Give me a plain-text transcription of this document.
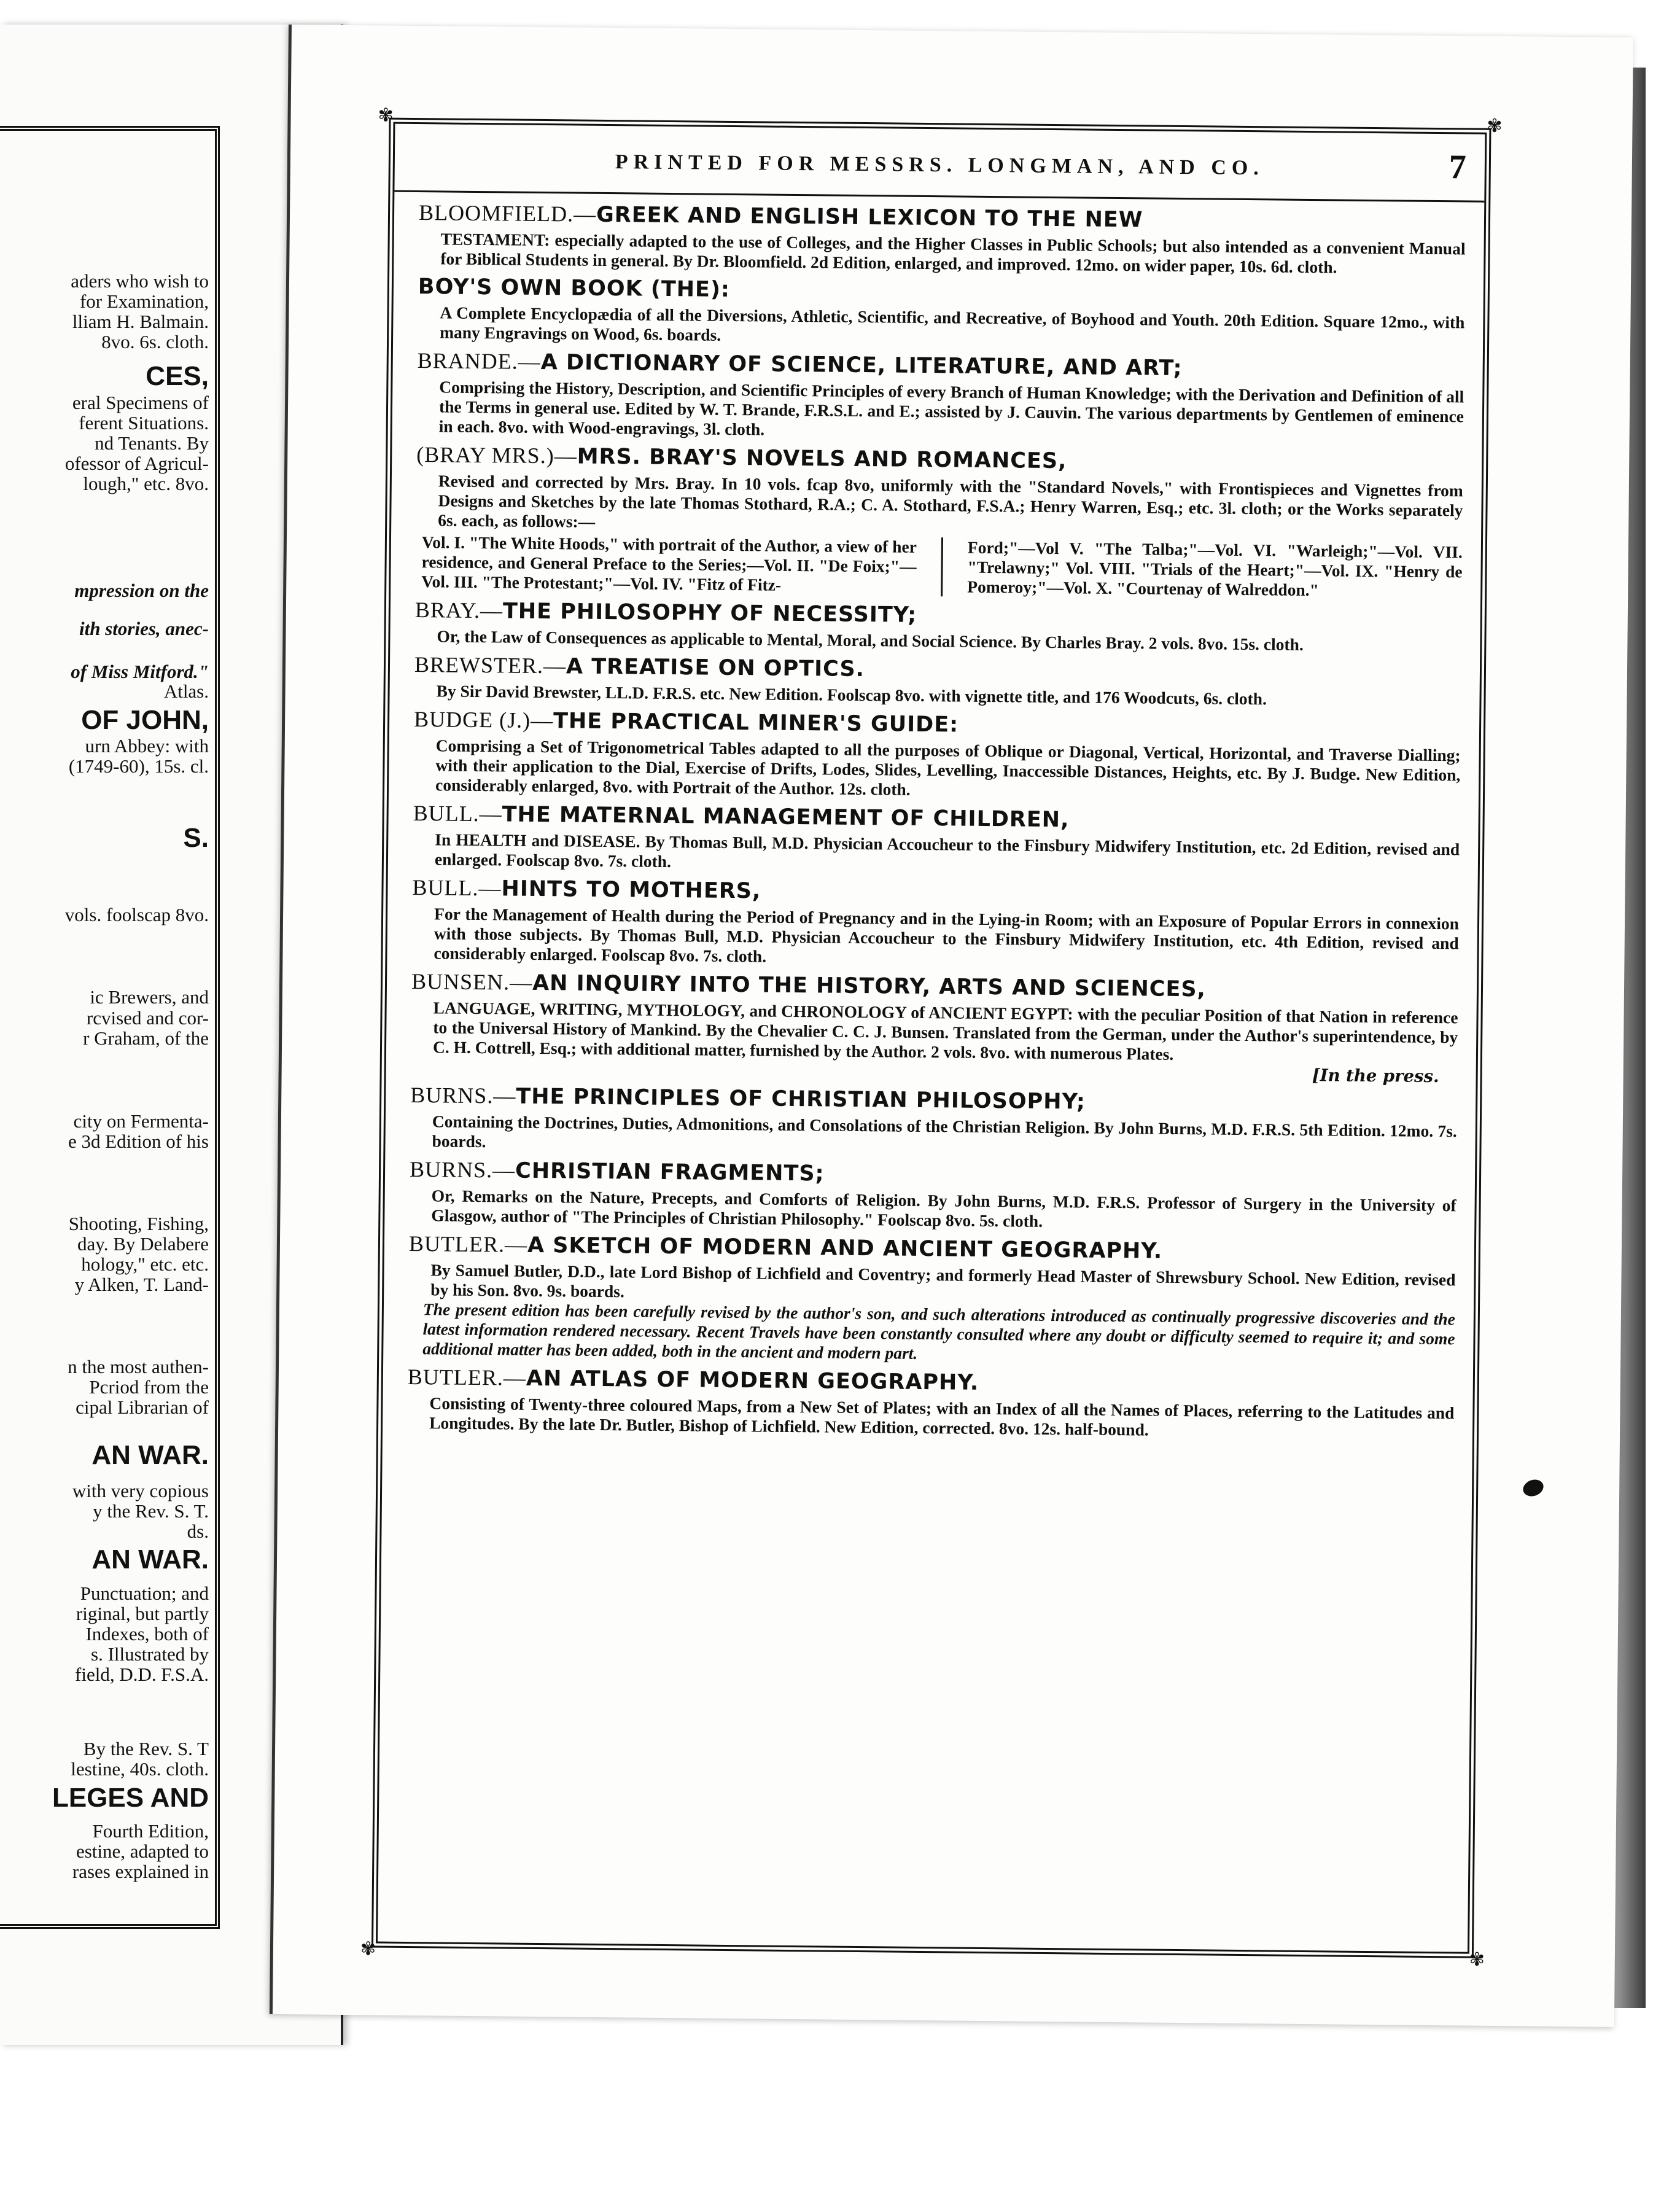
aders who wish to
for Examination,
lliam H. Balmain.
8vo. 6s. cloth.
CES,
eral Specimens of
ferent Situations.
nd Tenants. By
ofessor of Agricul-
lough," etc. 8vo.
mpression on the
ith stories, anec-
of Miss Mitford."
Atlas.
OF JOHN,
urn Abbey: with
(1749-60), 15s. cl.
S.
vols. foolscap 8vo.
ic Brewers, and
rcvised and cor-
r Graham, of the
city on Fermenta-
e 3d Edition of his
Shooting, Fishing,
day. By Delabere
hology," etc. etc.
y Alken, T. Land-
n the most authen-
Pcriod from the
cipal Librarian of
AN WAR.
with very copious
y the Rev. S. T.
ds.
AN WAR.
Punctuation; and
riginal, but partly
Indexes, both of
s. Illustrated by
field, D.D. F.S.A.
By the Rev. S. T
lestine, 40s. cloth.
LEGES AND
Fourth Edition,
estine, adapted to
rases explained in
✾	✾
✾	✾
PRINTED FOR MESSRS. LONGMAN, AND CO.	7
BLOOMFIELD.—GREEK AND ENGLISH LEXICON TO THE NEW
TESTAMENT: especially adapted to the use of Colleges, and the Higher Classes in Public Schools; but also intended as a convenient Manual for Biblical Students in general. By Dr. Bloomfield. 2d Edition, enlarged, and improved. 12mo. on wider paper, 10s. 6d. cloth.
BOY'S OWN BOOK (THE):
A Complete Encyclopædia of all the Diversions, Athletic, Scientific, and Recreative, of Boyhood and Youth. 20th Edition. Square 12mo., with many Engravings on Wood, 6s. boards.
BRANDE.—A DICTIONARY OF SCIENCE, LITERATURE, AND ART;
Comprising the History, Description, and Scientific Principles of every Branch of Human Knowledge; with the Derivation and Definition of all the Terms in general use. Edited by W. T. Brande, F.R.S.L. and E.; assisted by J. Cauvin. The various departments by Gentlemen of eminence in each. 8vo. with Wood-engravings, 3l. cloth.
(BRAY MRS.)—MRS. BRAY'S NOVELS AND ROMANCES,
Revised and corrected by Mrs. Bray. In 10 vols. fcap 8vo, uniformly with the "Standard Novels," with Frontispieces and Vignettes from Designs and Sketches by the late Thomas Stothard, R.A.; C. A. Stothard, F.S.A.; Henry Warren, Esq.; etc. 3l. cloth; or the Works separately 6s. each, as follows:—
Vol. I. "The White Hoods," with portrait of the Author, a view of her residence, and General Preface to the Series;—Vol. II. "De Foix;"—Vol. III. "The Protestant;"—Vol. IV. "Fitz of Fitz-
Ford;"—Vol V. "The Talba;"—Vol. VI. "Warleigh;"—Vol. VII. "Trelawny;" Vol. VIII. "Trials of the Heart;"—Vol. IX. "Henry de Pomeroy;"—Vol. X. "Courtenay of Walreddon."
BRAY.—THE PHILOSOPHY OF NECESSITY;
Or, the Law of Consequences as applicable to Mental, Moral, and Social Science. By Charles Bray. 2 vols. 8vo. 15s. cloth.
BREWSTER.—A TREATISE ON OPTICS.
By Sir David Brewster, LL.D. F.R.S. etc. New Edition. Foolscap 8vo. with vignette title, and 176 Woodcuts, 6s. cloth.
BUDGE (J.)—THE PRACTICAL MINER'S GUIDE:
Comprising a Set of Trigonometrical Tables adapted to all the purposes of Oblique or Diagonal, Vertical, Horizontal, and Traverse Dialling; with their application to the Dial, Exercise of Drifts, Lodes, Slides, Levelling, Inaccessible Distances, Heights, etc. By J. Budge. New Edition, considerably enlarged, 8vo. with Portrait of the Author. 12s. cloth.
BULL.—THE MATERNAL MANAGEMENT OF CHILDREN,
In HEALTH and DISEASE. By Thomas Bull, M.D. Physician Accoucheur to the Finsbury Midwifery Institution, etc. 2d Edition, revised and enlarged. Foolscap 8vo. 7s. cloth.
BULL.—HINTS TO MOTHERS,
For the Management of Health during the Period of Pregnancy and in the Lying-in Room; with an Exposure of Popular Errors in connexion with those subjects. By Thomas Bull, M.D. Physician Accoucheur to the Finsbury Midwifery Institution, etc. 4th Edition, revised and considerably enlarged. Foolscap 8vo. 7s. cloth.
BUNSEN.—AN INQUIRY INTO THE HISTORY, ARTS AND SCIENCES,
LANGUAGE, WRITING, MYTHOLOGY, and CHRONOLOGY of ANCIENT EGYPT: with the peculiar Position of that Nation in reference to the Universal History of Mankind. By the Chevalier C. C. J. Bunsen. Translated from the German, under the Author's superintendence, by C. H. Cottrell, Esq.; with additional matter, furnished by the Author. 2 vols. 8vo. with numerous Plates.
[In the press.
BURNS.—THE PRINCIPLES OF CHRISTIAN PHILOSOPHY;
Containing the Doctrines, Duties, Admonitions, and Consolations of the Christian Religion. By John Burns, M.D. F.R.S. 5th Edition. 12mo. 7s. boards.
BURNS.—CHRISTIAN FRAGMENTS;
Or, Remarks on the Nature, Precepts, and Comforts of Religion. By John Burns, M.D. F.R.S. Professor of Surgery in the University of Glasgow, author of "The Principles of Christian Philosophy." Foolscap 8vo. 5s. cloth.
BUTLER.—A SKETCH OF MODERN AND ANCIENT GEOGRAPHY.
By Samuel Butler, D.D., late Lord Bishop of Lichfield and Coventry; and formerly Head Master of Shrewsbury School. New Edition, revised by his Son. 8vo. 9s. boards.
The present edition has been carefully revised by the author's son, and such alterations introduced as continually progressive discoveries and the latest information rendered necessary. Recent Travels have been constantly consulted where any doubt or difficulty seemed to require it; and some additional matter has been added, both in the ancient and modern part.
BUTLER.—AN ATLAS OF MODERN GEOGRAPHY.
Consisting of Twenty-three coloured Maps, from a New Set of Plates; with an Index of all the Names of Places, referring to the Latitudes and Longitudes. By the late Dr. Butler, Bishop of Lichfield. New Edition, corrected. 8vo. 12s. half-bound.
